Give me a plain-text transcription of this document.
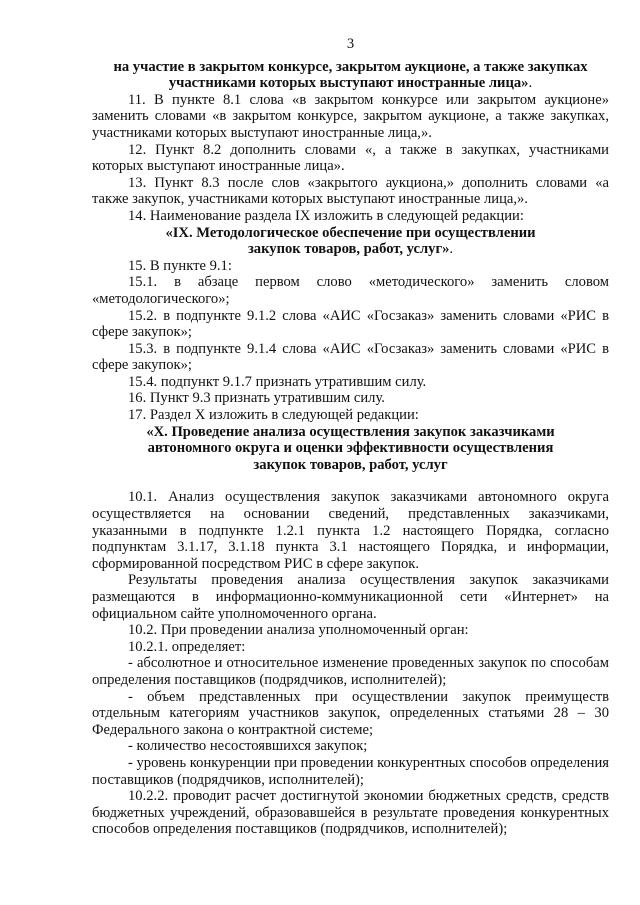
3
на участие в закрытом конкурсе, закрытом аукционе, а также закупках
участниками которых выступают иностранные лица».

11. В пункте 8.1 слова «в закрытом конкурсе или закрытом аукционе» заменить словами «в закрытом конкурсе, закрытом аукционе, а также закупках, участниками которых выступают иностранные лица,».

12. Пункт 8.2 дополнить словами «, а также в закупках, участниками которых выступают иностранные лица».

13. Пункт 8.3 после слов «закрытого аукциона,» дополнить словами «а также закупок, участниками которых выступают иностранные лица,».

14. Наименование раздела IX изложить в следующей редакции:

«IX. Методологическое обеспечение при осуществлении
закупок товаров, работ, услуг».

15. В пункте 9.1:

15.1. в абзаце первом слово «методического» заменить словом «методологического»;

15.2. в подпункте 9.1.2 слова «АИС «Госзаказ» заменить словами «РИС в сфере закупок»;

15.3. в подпункте 9.1.4 слова «АИС «Госзаказ» заменить словами «РИС в сфере закупок»;

15.4. подпункт 9.1.7 признать утратившим силу.

16. Пункт 9.3 признать утратившим силу.

17. Раздел X изложить в следующей редакции:

«X. Проведение анализа осуществления закупок заказчиками
автономного округа и оценки эффективности осуществления
закупок товаров, работ, услуг

10.1. Анализ осуществления закупок заказчиками автономного округа осуществляется на основании сведений, представленных заказчиками, указанными в подпункте 1.2.1 пункта 1.2 настоящего Порядка, согласно подпунктам 3.1.17, 3.1.18 пункта 3.1 настоящего Порядка, и информации, сформированной посредством РИС в сфере закупок.

Результаты проведения анализа осуществления закупок заказчиками размещаются в информационно-коммуникационной сети «Интернет» на официальном сайте уполномоченного органа.

10.2. При проведении анализа уполномоченный орган:

10.2.1. определяет:

- абсолютное и относительное изменение проведенных закупок по способам определения поставщиков (подрядчиков, исполнителей);

- объем представленных при осуществлении закупок преимуществ отдельным категориям участников закупок, определенных статьями 28 – 30 Федерального закона о контрактной системе;

- количество несостоявшихся закупок;

- уровень конкуренции при проведении конкурентных способов определения поставщиков (подрядчиков, исполнителей);

10.2.2. проводит расчет достигнутой экономии бюджетных средств, средств бюджетных учреждений, образовавшейся в результате проведения конкурентных способов определения поставщиков (подрядчиков, исполнителей);
